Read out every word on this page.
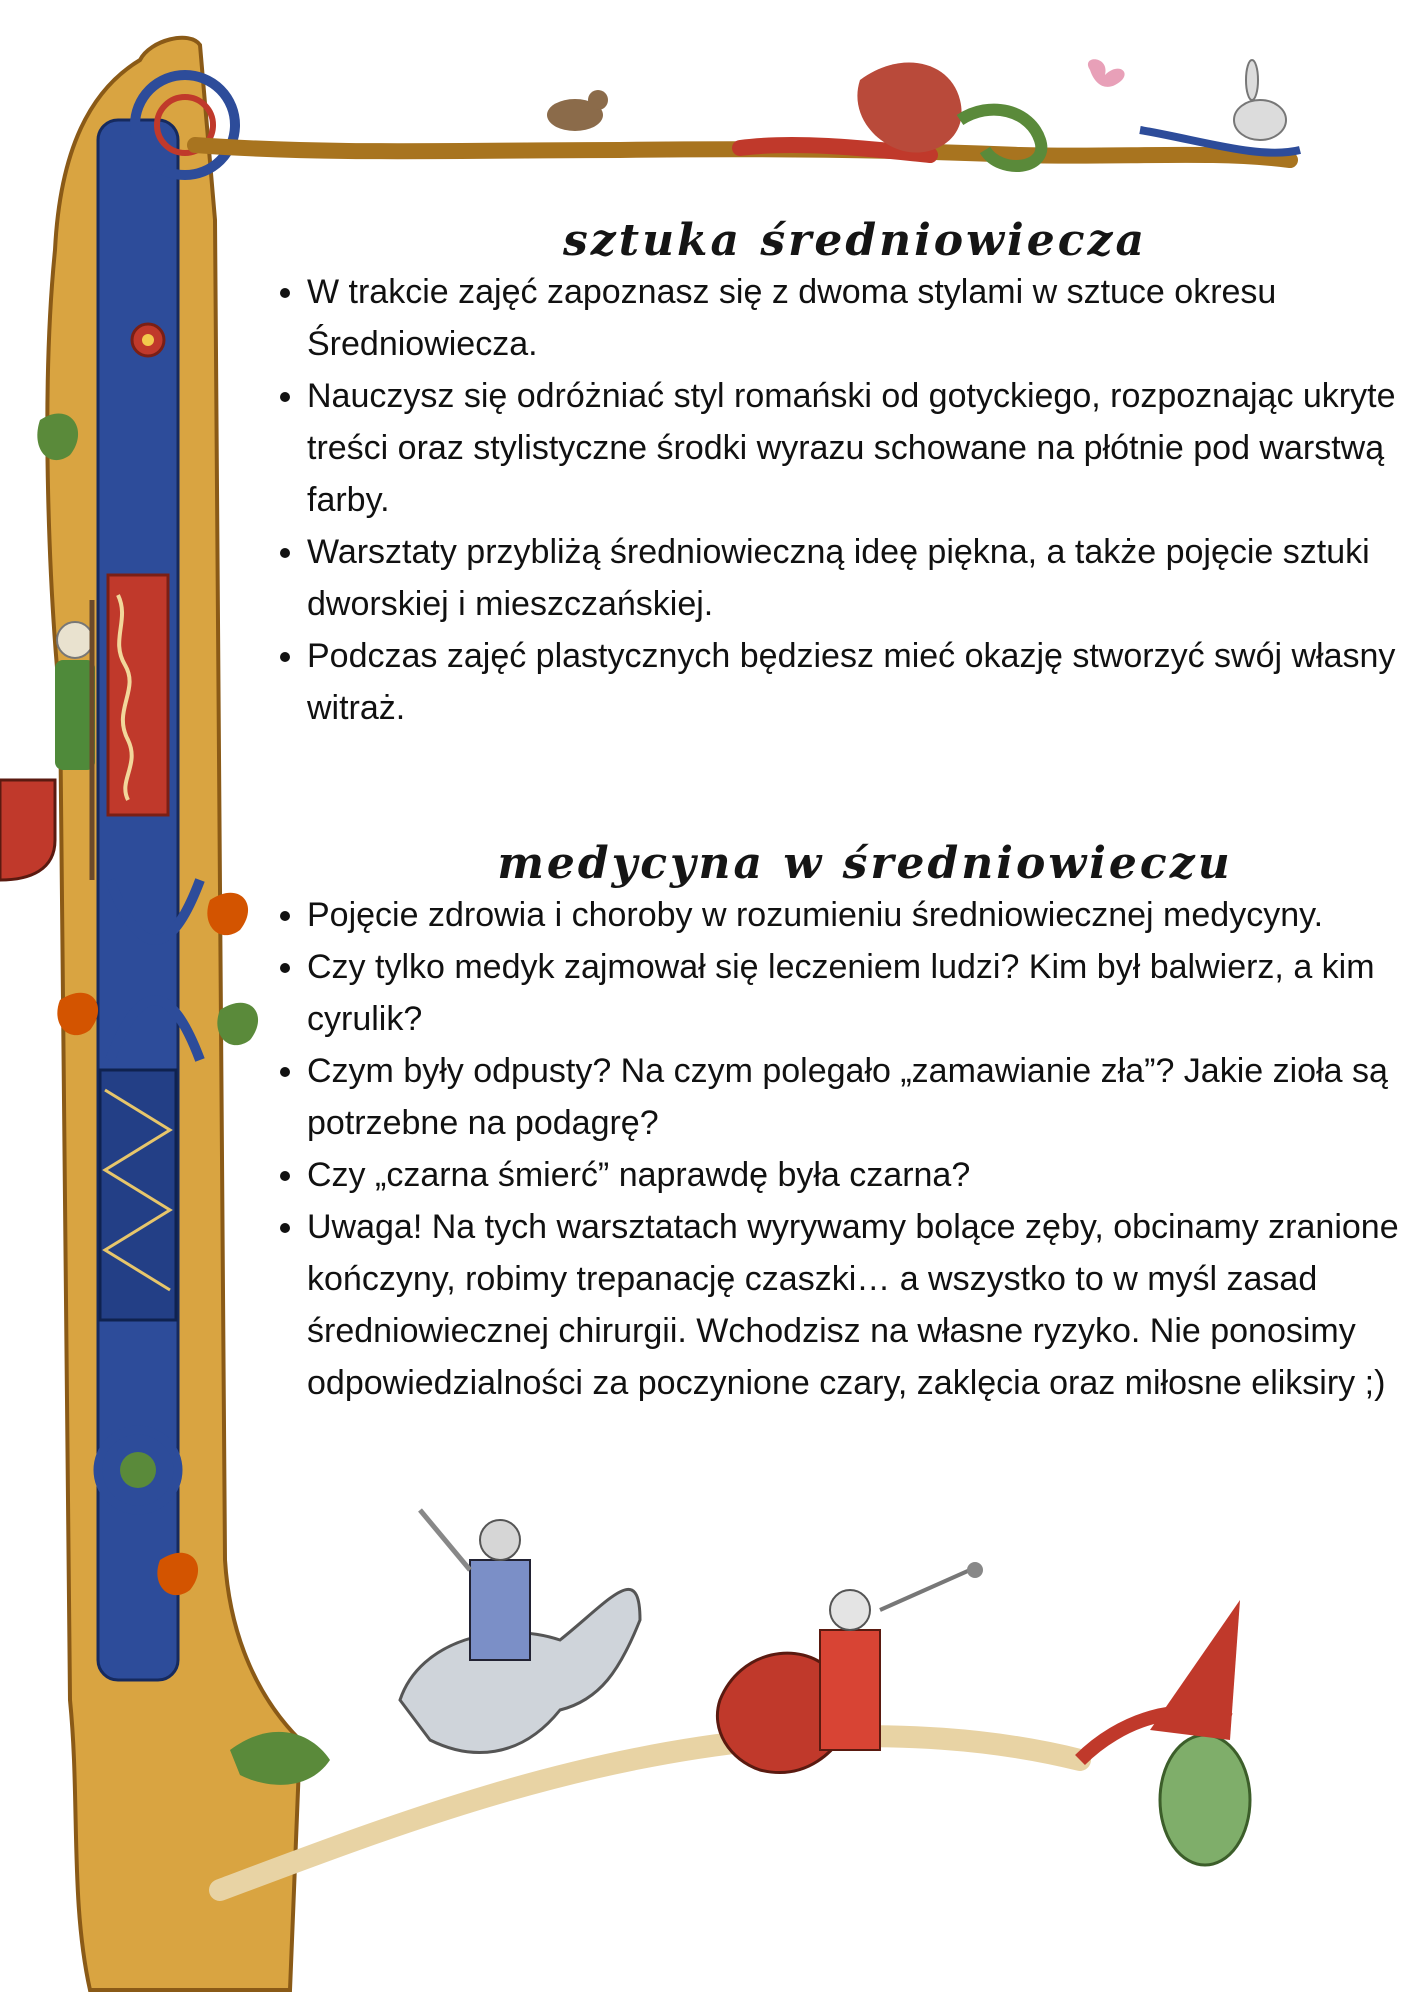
sztuka średniowiecza
• W trakcie zajęć zapoznasz się z dwoma stylami w sztuce okresu Średniowiecza.
• Nauczysz się odróżniać styl romański od gotyckiego, rozpoznając ukryte treści oraz stylistyczne środki wyrazu schowane na płótnie pod warstwą farby.
• Warsztaty przybliżą średniowieczną ideę piękna, a także pojęcie sztuki dworskiej i mieszczańskiej.
• Podczas zajęć plastycznych będziesz mieć okazję stworzyć swój własny witraż.
medycyna w średniowieczu
• Pojęcie zdrowia i choroby w rozumieniu średniowiecznej medycyny.
• Czy tylko medyk zajmował się leczeniem ludzi? Kim był balwierz, a kim cyrulik?
• Czym były odpusty? Na czym polegało „zamawianie zła”? Jakie zioła są potrzebne na podagrę?
• Czy „czarna śmierć” naprawdę była czarna?
• Uwaga! Na tych warsztatach wyrywamy bolące zęby, obcinamy zranione kończyny, robimy trepanację czaszki… a wszystko to w myśl zasad średniowiecznej chirurgii. Wchodzisz na własne ryzyko. Nie ponosimy odpowiedzialności za poczynione czary, zaklęcia oraz miłosne eliksiry ;)
